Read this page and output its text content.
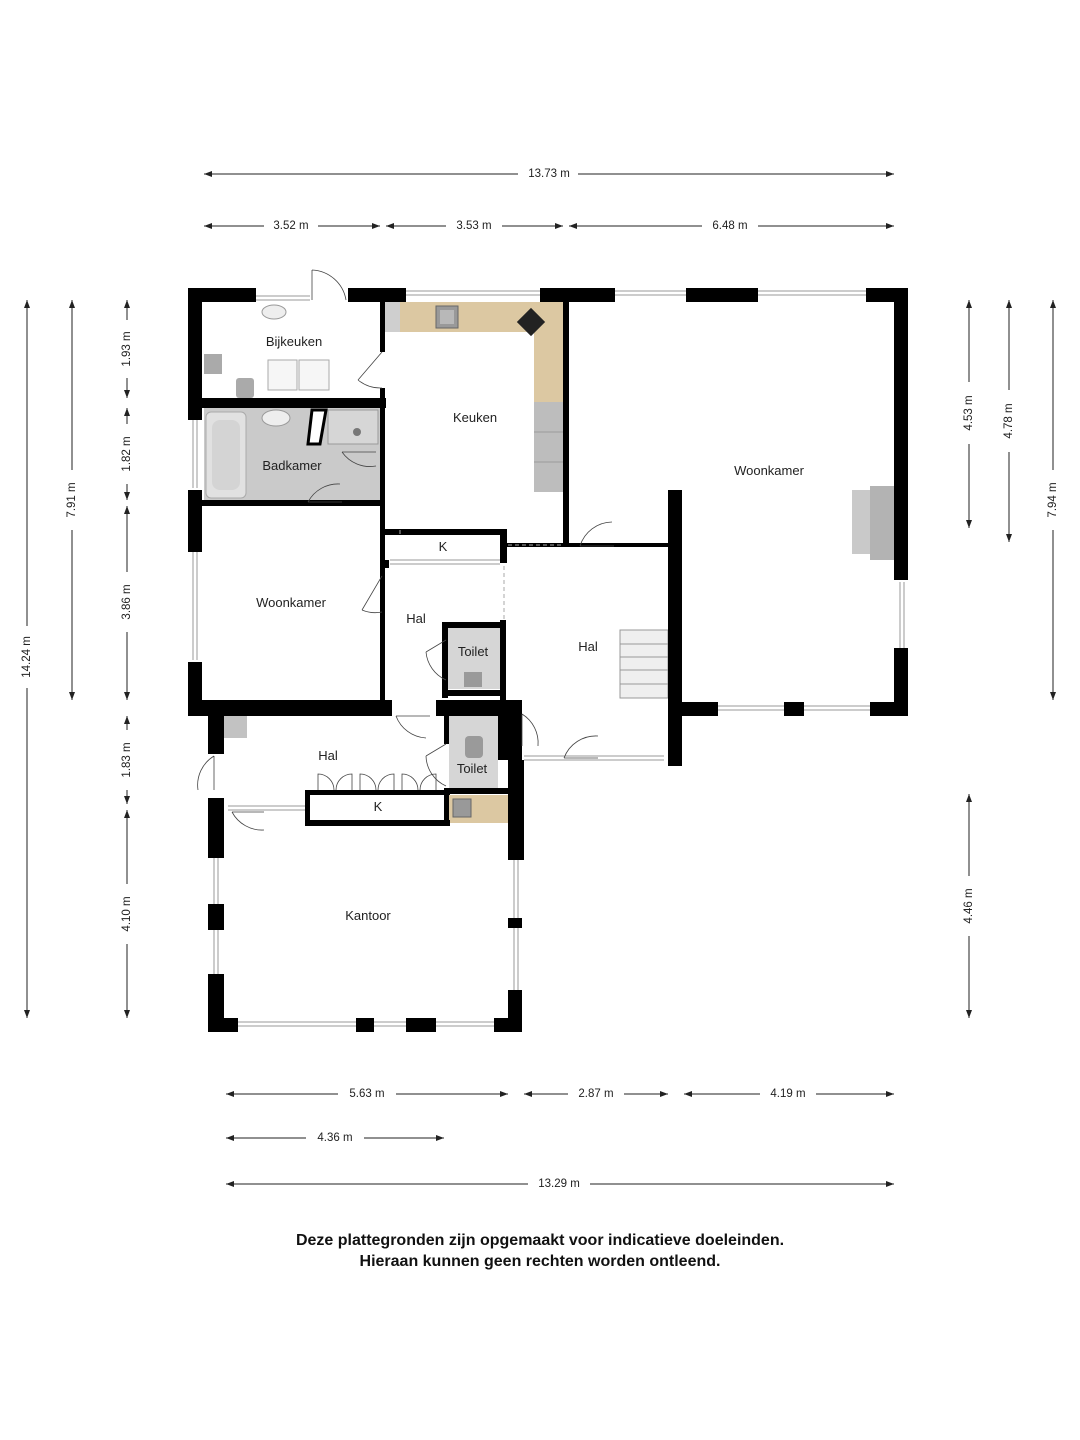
Bijkeuken
Keuken
Woonkamer
Badkamer
Woonkamer
K
Hal
Hal
Toilet
Hal
Toilet
K
Kantoor
13.73 m
3.52 m	3.53 m	6.48 m
14.24 m
7.91 m
1.93 m
1.82 m
3.86 m
1.83 m
4.10 m
4.53 m 4.78 m
7.94 m
4.46 m
5.63 m	2.87 m	4.19 m
4.36 m
13.29 m
Deze plattegronden zijn opgemaakt voor indicatieve doeleinden.
Hieraan kunnen geen rechten worden ontleend.
